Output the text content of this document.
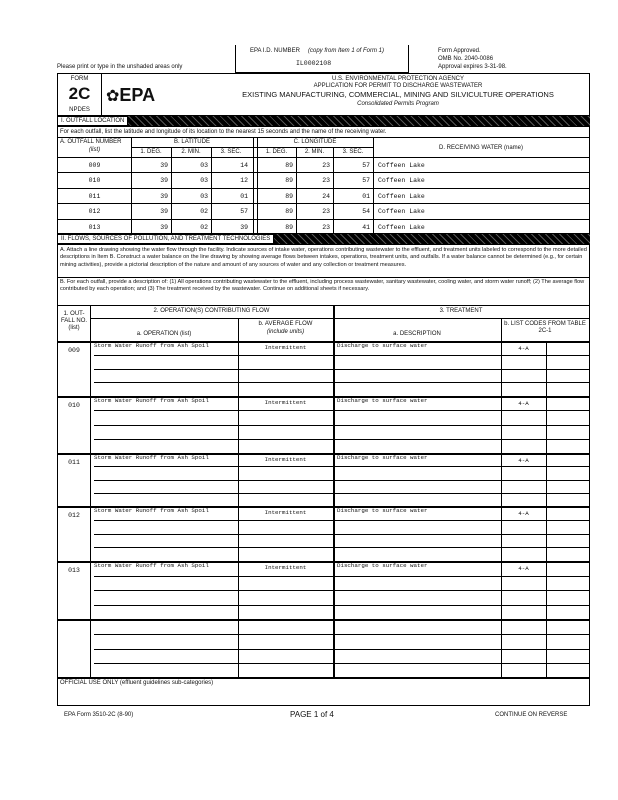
Please print or type in the unshaded areas only
EPA I.D. NUMBER (copy from Item 1 of Form 1)
IL0002108
Form Approved.
OMB No. 2040-0086
Approval expires 3-31-98.
FORM
2C
NPDES
✿EPA
U.S. ENVIRONMENTAL PROTECTION AGENCY
APPLICATION FOR PERMIT TO DISCHARGE WASTEWATER
EXISTING MANUFACTURING, COMMERCIAL, MINING AND SILVICULTURE OPERATIONS
Consolidated Permits Program
I. OUTFALL LOCATION
For each outfall, list the latitude and longitude of its location to the nearest 15 seconds and the name of the receiving water.
A. OUTFALL NUMBER
(list)
B. LATITUDE	C. LONGITUDE
1. DEG.	2. MIN.	3. SEC.	1. DEG.	2. MIN.	3. SEC.
D. RECEIVING WATER (name)
009	39	03	14	89	23	57 Coffeen Lake
010	39	03	12	89	23	57 Coffeen Lake
011	39	03	01	89	24	01 Coffeen Lake
012	39	02	57	89	23	54 Coffeen Lake
013	39	02	39	89	23	41 Coffeen Lake
II. FLOWS, SOURCES OF POLLUTION, AND TREATMENT TECHNOLOGIES
A. Attach a line drawing showing the water flow through the facility. Indicate sources of intake water, operations contributing wastewater to the effluent, and treatment units labeled to correspond to the more detailed descriptions in Item B. Construct a water balance on the line drawing by showing average flows between intakes, operations, treatment units, and outfalls. If a water balance cannot be determined (e.g., for certain mining activities), provide a pictorial description of the nature and amount of any sources of water and any collection or treatment measures.
B. For each outfall, provide a description of: (1) All operations contributing wastewater to the effluent, including process wastewater, sanitary wastewater, cooling water, and storm water runoff; (2) The average flow contributed by each operation; and (3) The treatment received by the wastewater. Continue on additional sheets if necessary.
1. OUT-FALL NO. (list)
2. OPERATION(S) CONTRIBUTING FLOW	3. TREATMENT
a. OPERATION (list)
b. AVERAGE FLOW
(include units)	a. DESCRIPTION
b. LIST CODES FROM TABLE 2C-1
009
Storm Water Runoff from Ash Spoil	Intermittent	Discharge to surface water	4-A
010
Storm Water Runoff from Ash Spoil	Intermittent	Discharge to surface water	4-A
011
Storm Water Runoff from Ash Spoil	Intermittent	Discharge to surface water	4-A
012
Storm Water Runoff from Ash Spoil	Intermittent	Discharge to surface water	4-A
013
Storm Water Runoff from Ash Spoil	Intermittent	Discharge to surface water	4-A
OFFICIAL USE ONLY (effluent guidelines sub-categories)
EPA Form 3510-2C (8-90)	PAGE 1 of 4	CONTINUE ON REVERSE
